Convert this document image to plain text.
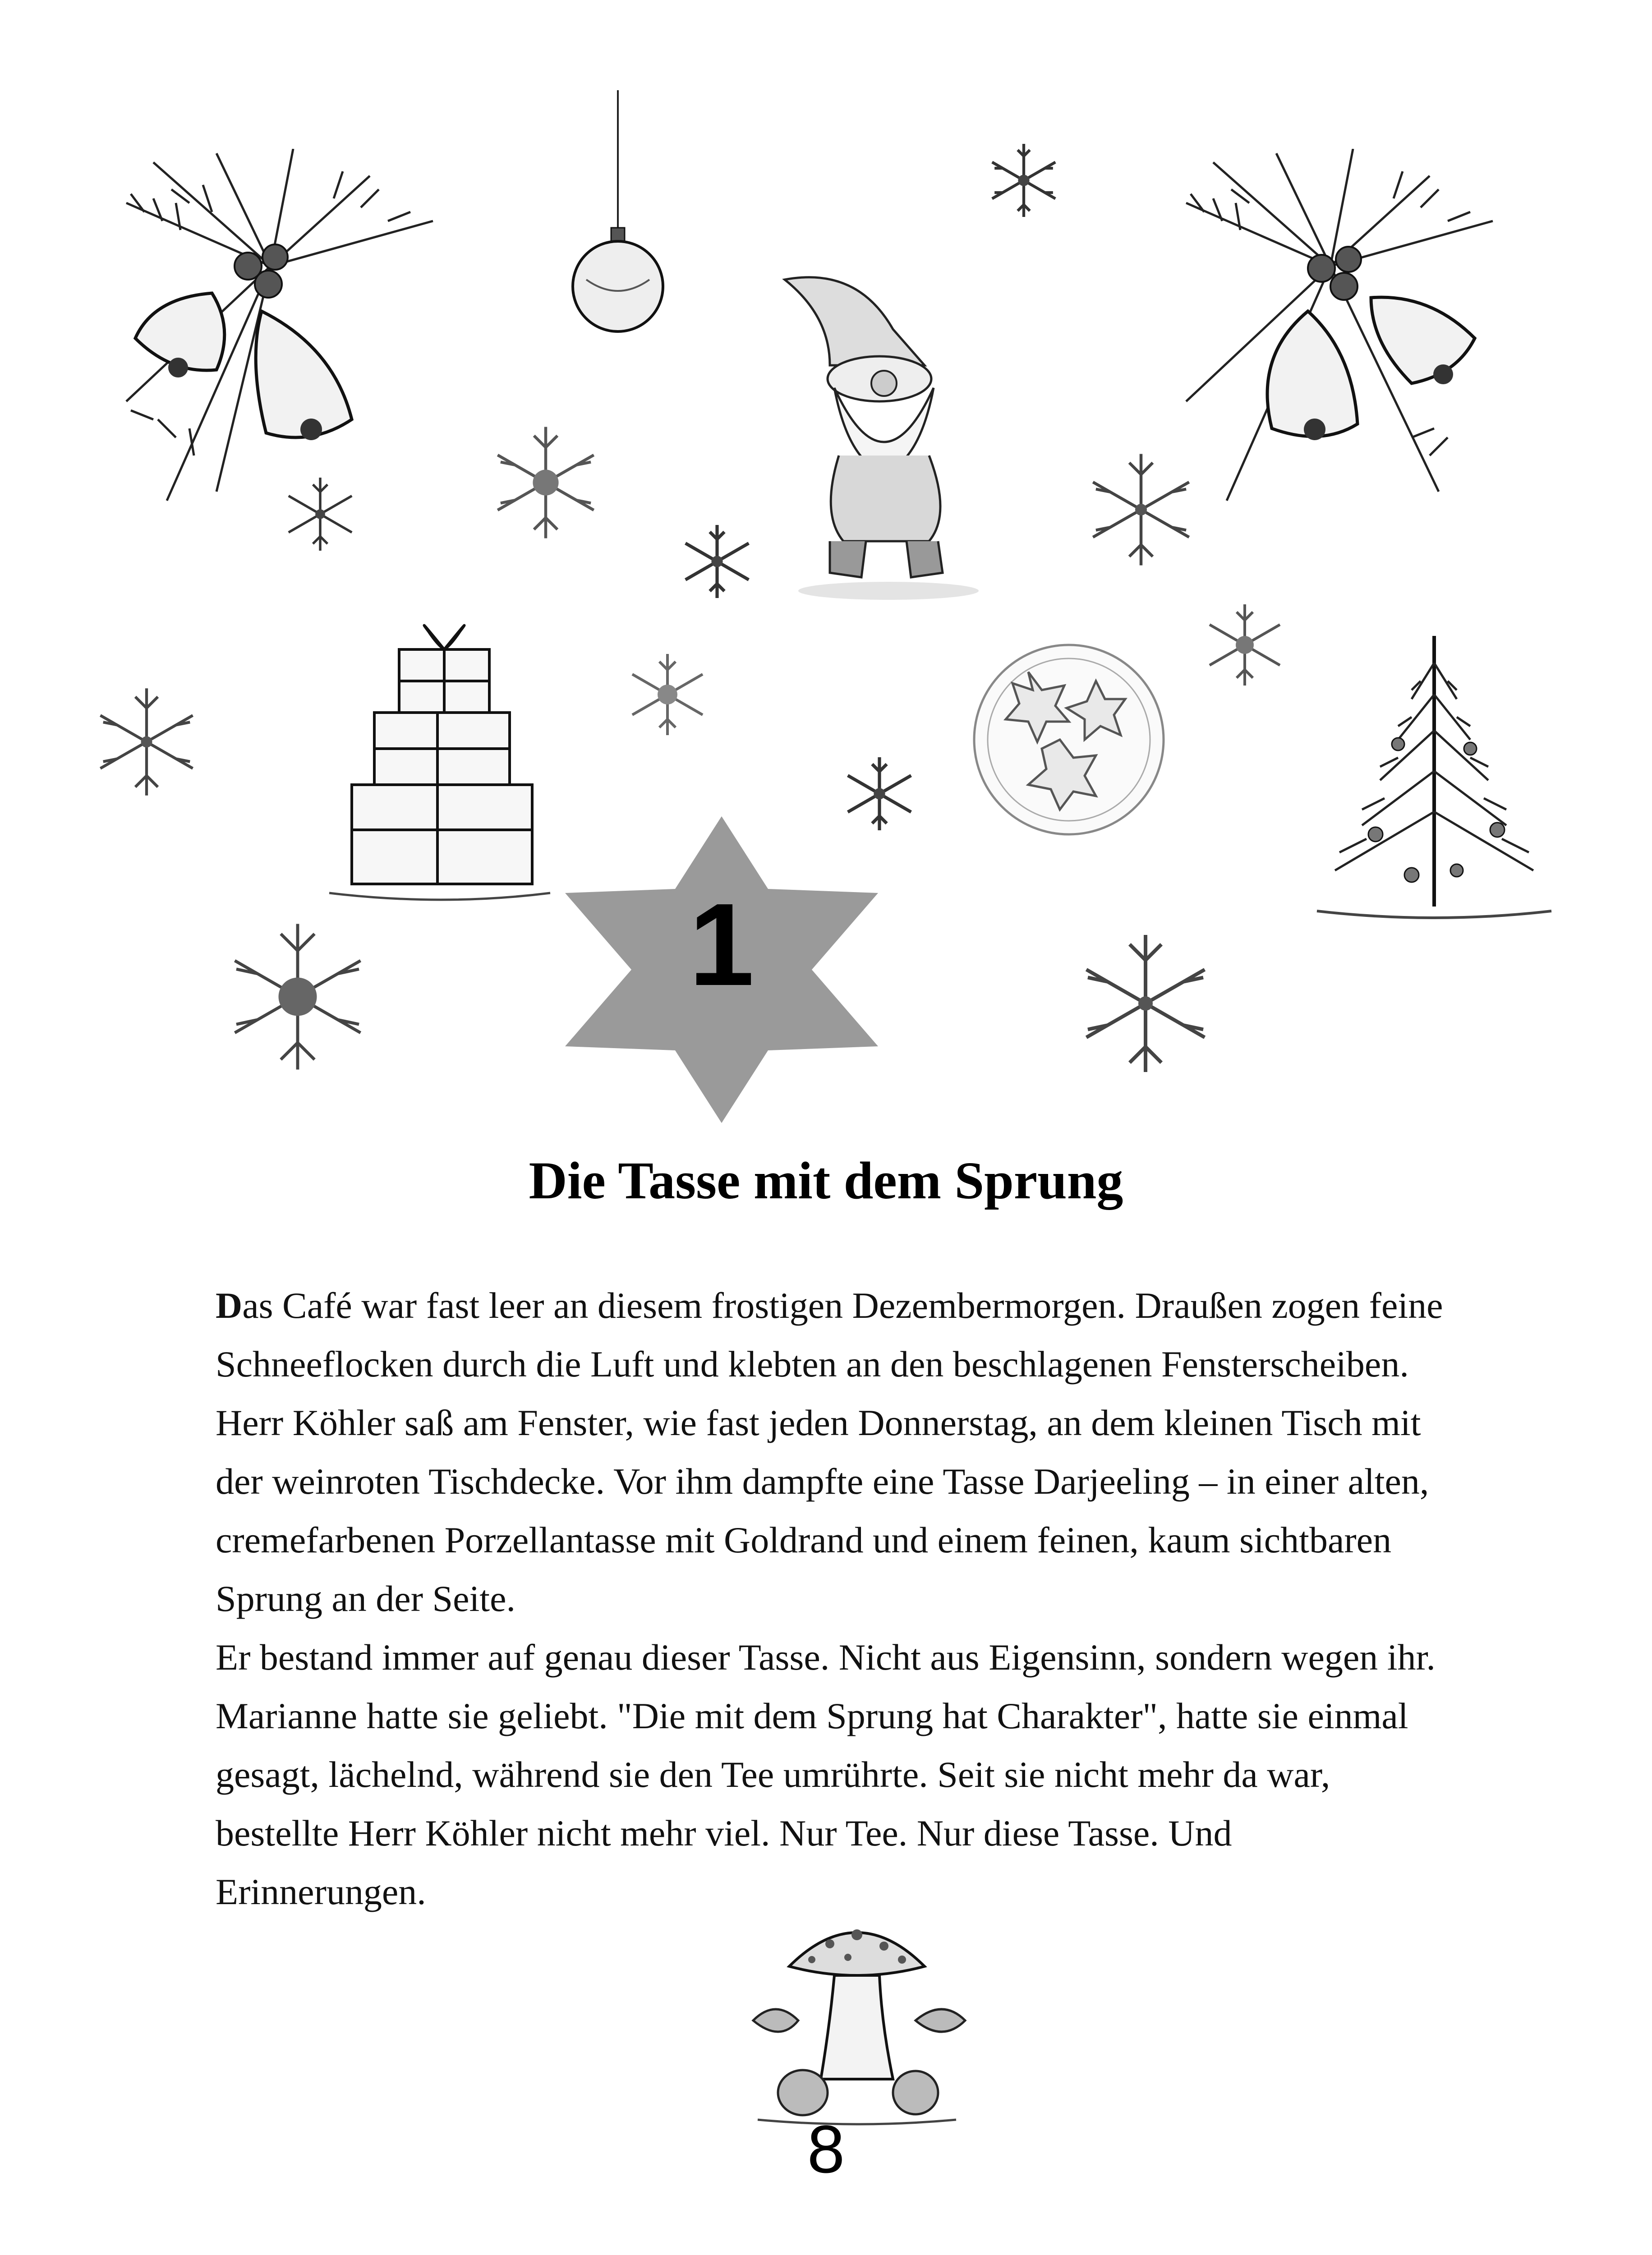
1
Die Tasse mit dem Sprung

Das Café war fast leer an diesem frostigen Dezembermorgen. Draußen zogen feine Schneeflocken durch die Luft und klebten an den beschlagenen Fensterscheiben. Herr Köhler saß am Fenster, wie fast jeden Donnerstag, an dem kleinen Tisch mit der weinroten Tischdecke. Vor ihm dampfte eine Tasse Darjeeling – in einer alten, cremefarbenen Porzellantasse mit Goldrand und einem feinen, kaum sichtbaren Sprung an der Seite.

Er bestand immer auf genau dieser Tasse. Nicht aus Eigensinn, sondern wegen ihr. Marianne hatte sie geliebt. "Die mit dem Sprung hat Charakter", hatte sie einmal gesagt, lächelnd, während sie den Tee umrührte. Seit sie nicht mehr da war, bestellte Herr Köhler nicht mehr viel. Nur Tee. Nur diese Tasse. Und Erinnerungen.

8
